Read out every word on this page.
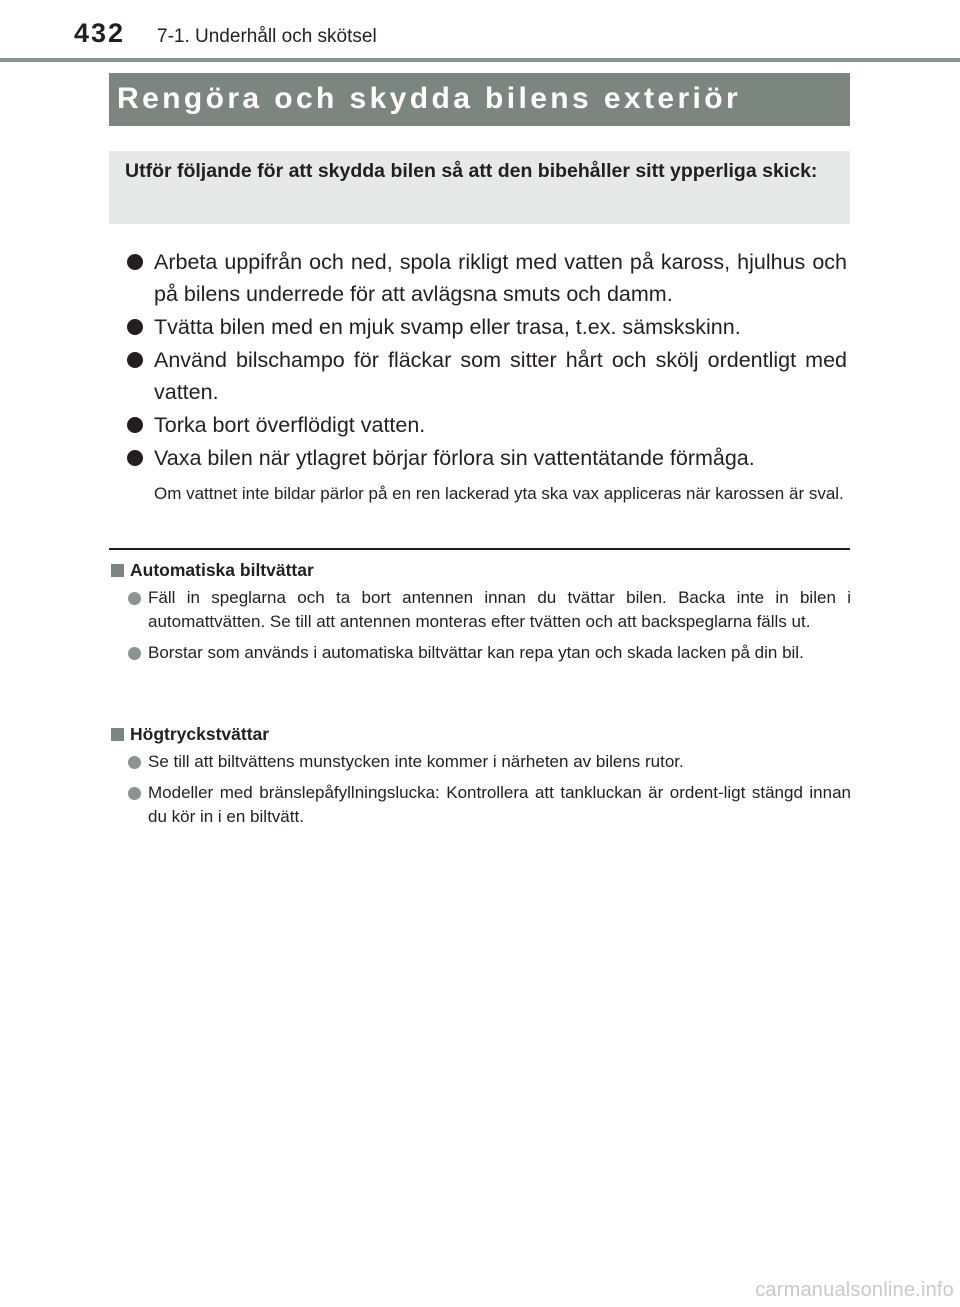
432 7-1. Underhåll och skötsel
Rengöra och skydda bilens exteriör

Utför följande för att skydda bilen så att den bibehåller sitt ypperliga skick:

Arbeta uppifrån och ned, spola rikligt med vatten på kaross, hjulhus och på bilens underrede för att avlägsna smuts och damm.
Tvätta bilen med en mjuk svamp eller trasa, t.ex. sämskskinn.
Använd bilschampo för fläckar som sitter hårt och skölj ordentligt med vatten.
Torka bort överflödigt vatten.
Vaxa bilen när ytlagret börjar förlora sin vattentätande förmåga.

Om vattnet inte bildar pärlor på en ren lackerad yta ska vax appliceras när karossen är sval.

Automatiska biltvättar
Fäll in speglarna och ta bort antennen innan du tvättar bilen. Backa inte in bilen i automattvätten. Se till att antennen monteras efter tvätten och att backspeglarna fälls ut.
Borstar som används i automatiska biltvättar kan repa ytan och skada lacken på din bil.
Högtryckstvättar
Se till att biltvättens munstycken inte kommer i närheten av bilens rutor.
Modeller med bränslepåfyllningslucka: Kontrollera att tankluckan är ordent-ligt stängd innan du kör in i en biltvätt.
carmanualsonline.info
